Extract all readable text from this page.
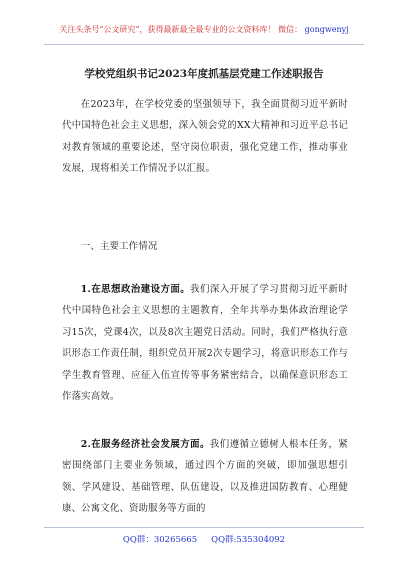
关注头条号“公文研究”，获得最新最全最专业的公文资料库！ 微信： gongwenyj
学校党组织书记2023年度抓基层党建工作述职报告
在2023年，在学校党委的坚强领导下，我全面贯彻习近平新时代中国特色社会主义思想，深入领会党的XX大精神和习近平总书记对教育领域的重要论述，坚守岗位职责，强化党建工作，推动事业发展，现将相关工作情况予以汇报。
一、主要工作情况
1.在思想政治建设方面。我们深入开展了学习贯彻习近平新时代中国特色社会主义思想的主题教育，全年共举办集体政治理论学习15次，党课4次，以及8次主题党日活动。同时，我们严格执行意识形态工作责任制，组织党员开展2次专题学习，将意识形态工作与学生教育管理、应征入伍宣传等事务紧密结合，以确保意识形态工作落实高效。
2.在服务经济社会发展方面。我们遵循立德树人根本任务，紧密围绕部门主要业务领域，通过四个方面的突破，即加强思想引领、学风建设、基础管理、队伍建设，以及推进国防教育、心理健康、公寓文化、资助服务等方面的
QQ群：30265665 QQ群:535304092
